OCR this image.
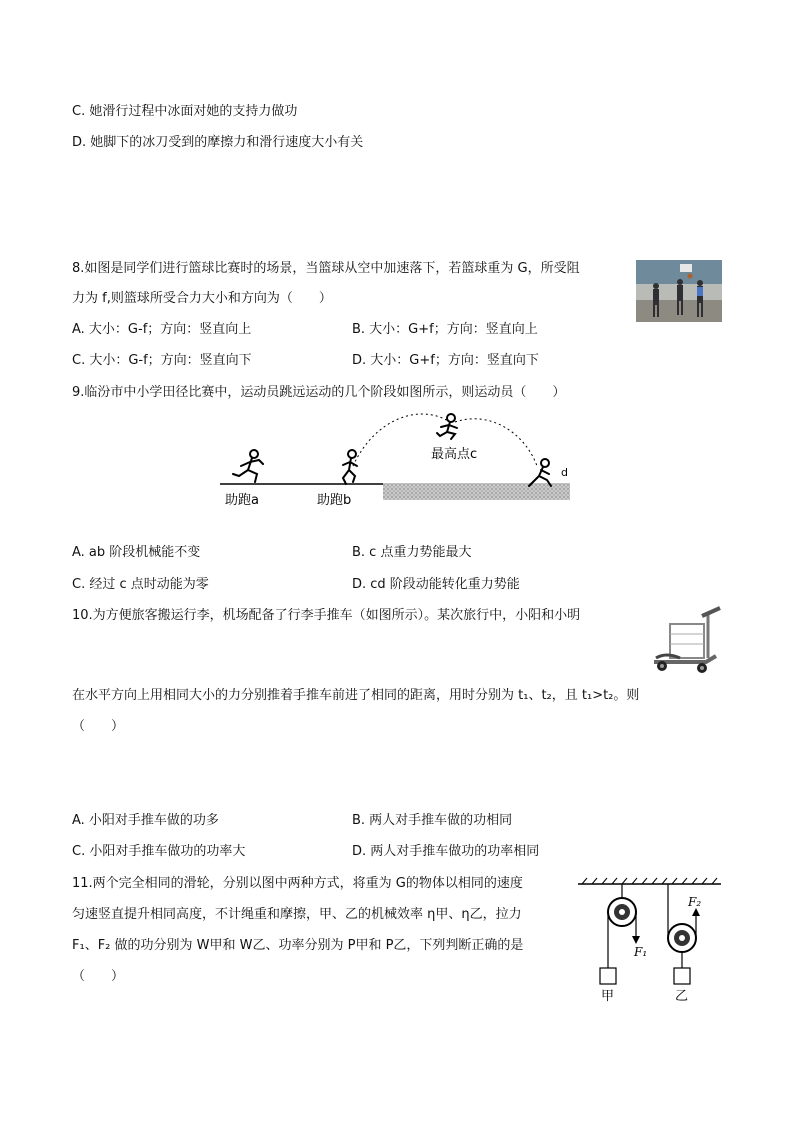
C. 她滑行过程中冰面对她的支持力做功
D. 她脚下的冰刀受到的摩擦力和滑行速度大小有关
8.如图是同学们进行篮球比赛时的场景，当篮球从空中加速落下，若篮球重为 G，所受阻
力为 f,则篮球所受合力大小和方向为（　　）
A. 大小：G-f；方向：竖直向上	B. 大小：G+f；方向：竖直向上
C. 大小：G-f；方向：竖直向下	D. 大小：G+f；方向：竖直向下
9.临汾市中小学田径比赛中，运动员跳远运动的几个阶段如图所示，则运动员（　　）
助跑a	助跑b
最高点c
d
A. ab 阶段机械能不变	B. c 点重力势能最大
C. 经过 c 点时动能为零	D. cd 阶段动能转化重力势能
10.为方便旅客搬运行李，机场配备了行李手推车（如图所示）。某次旅行中，小阳和小明
在水平方向上用相同大小的力分别推着手推车前进了相同的距离，用时分别为 t₁、t₂，且 t₁>t₂。则
（　　）
A. 小阳对手推车做的功多	B. 两人对手推车做的功相同
C. 小阳对手推车做功的功率大	D. 两人对手推车做功的功率相同
11.两个完全相同的滑轮，分别以图中两种方式，将重为 G的物体以相同的速度
匀速竖直提升相同高度，不计绳重和摩擦，甲、乙的机械效率 η甲、η乙，拉力
F₁、F₂ 做的功分别为 W甲和 W乙、功率分别为 P甲和 P乙，下列判断正确的是
（　　）
F₁
F₂
甲	乙
